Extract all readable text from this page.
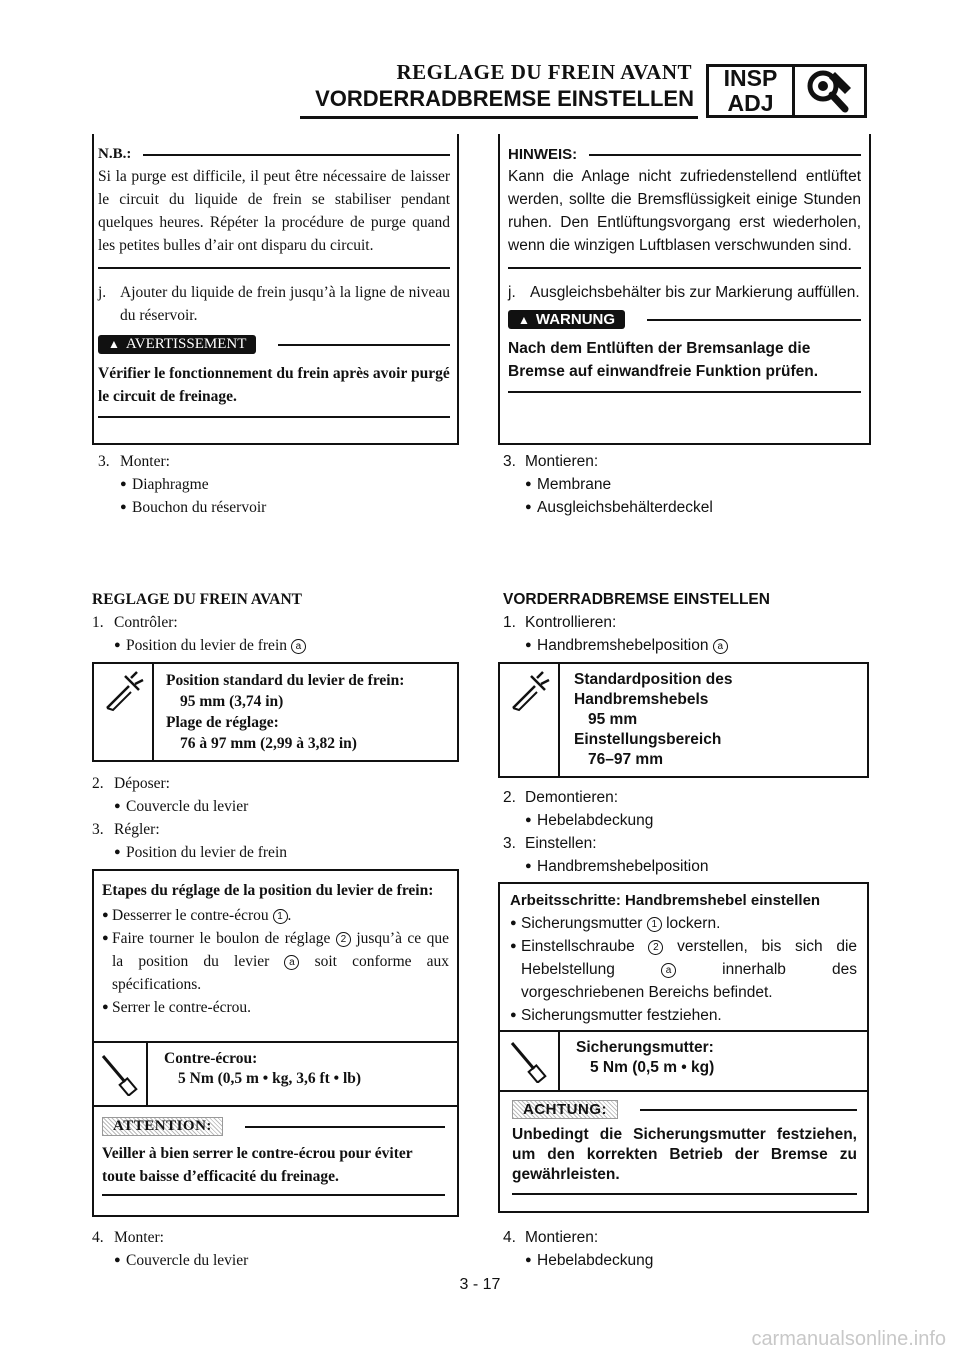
REGLAGE DU FREIN AVANT
VORDERRADBREMSE EINSTELLEN
INSP
ADJ
N.B.:
Si la purge est difficile, il peut être nécessaire de laisser le circuit du liquide de frein se stabiliser pendant quelques heures. Répéter la procédure de purge quand les petites bulles d’air ont disparu du circuit.
j. Ajouter du liquide de frein jusqu’à la ligne de niveau du réservoir.
▲ AVERTISSEMENT
Vérifier le fonctionnement du frein après avoir purgé le circuit de freinage.
HINWEIS:
Kann die Anlage nicht zufriedenstellend entlüftet werden, sollte die Bremsflüssigkeit einige Stunden ruhen. Den Entlüftungsvorgang erst wiederholen, wenn die winzigen Luftblasen verschwunden sind.
j. Ausgleichsbehälter bis zur Markierung auffüllen.
▲ WARNUNG
Nach dem Entlüften der Bremsanlage die Bremse auf einwandfreie Funktion prüfen.
3. Monter:
● Diaphragme
● Bouchon du réservoir
3. Montieren:
● Membrane
● Ausgleichsbehälterdeckel
REGLAGE DU FREIN AVANT
1. Contrôler:
● Position du levier de frein a
Position standard du levier de frein:
95 mm (3,74 in)
Plage de réglage:
76 à 97 mm (2,99 à 3,82 in)
2. Déposer:
● Couvercle du levier
3. Régler:
● Position du levier de frein
Etapes du réglage de la position du levier de frein:
● Desserrer le contre-écrou 1 .
● Faire tourner le boulon de réglage 2 jusqu’à ce que la position du levier a soit conforme aux spécifications.
● Serrer le contre-écrou.
Contre-écrou:
5 Nm (0,5 m • kg, 3,6 ft • lb)
ATTENTION:
Veiller à bien serrer le contre-écrou pour éviter toute baisse d’efficacité du freinage.
4. Monter:
● Couvercle du levier
VORDERRADBREMSE EINSTELLEN
1. Kontrollieren:
● Handbremshebelposition a
Standardposition des Handbremshebels
95 mm
Einstellungsbereich
76–97 mm
2. Demontieren:
● Hebelabdeckung
3. Einstellen:
● Handbremshebelposition
Arbeitsschritte: Handbremshebel einstellen
● Sicherungsmutter 1 lockern.
● Einstellschraube 2 verstellen, bis sich die Hebelstellung	a	innerhalb des vorgeschriebenen Bereichs befindet.
● Sicherungsmutter festziehen.
Sicherungsmutter:
5 Nm (0,5 m • kg)
ACHTUNG:
Unbedingt die Sicherungsmutter festziehen, um den korrekten Betrieb der Bremse zu gewährleisten.
4. Montieren:
● Hebelabdeckung
3 - 17
carmanualsonline.info
